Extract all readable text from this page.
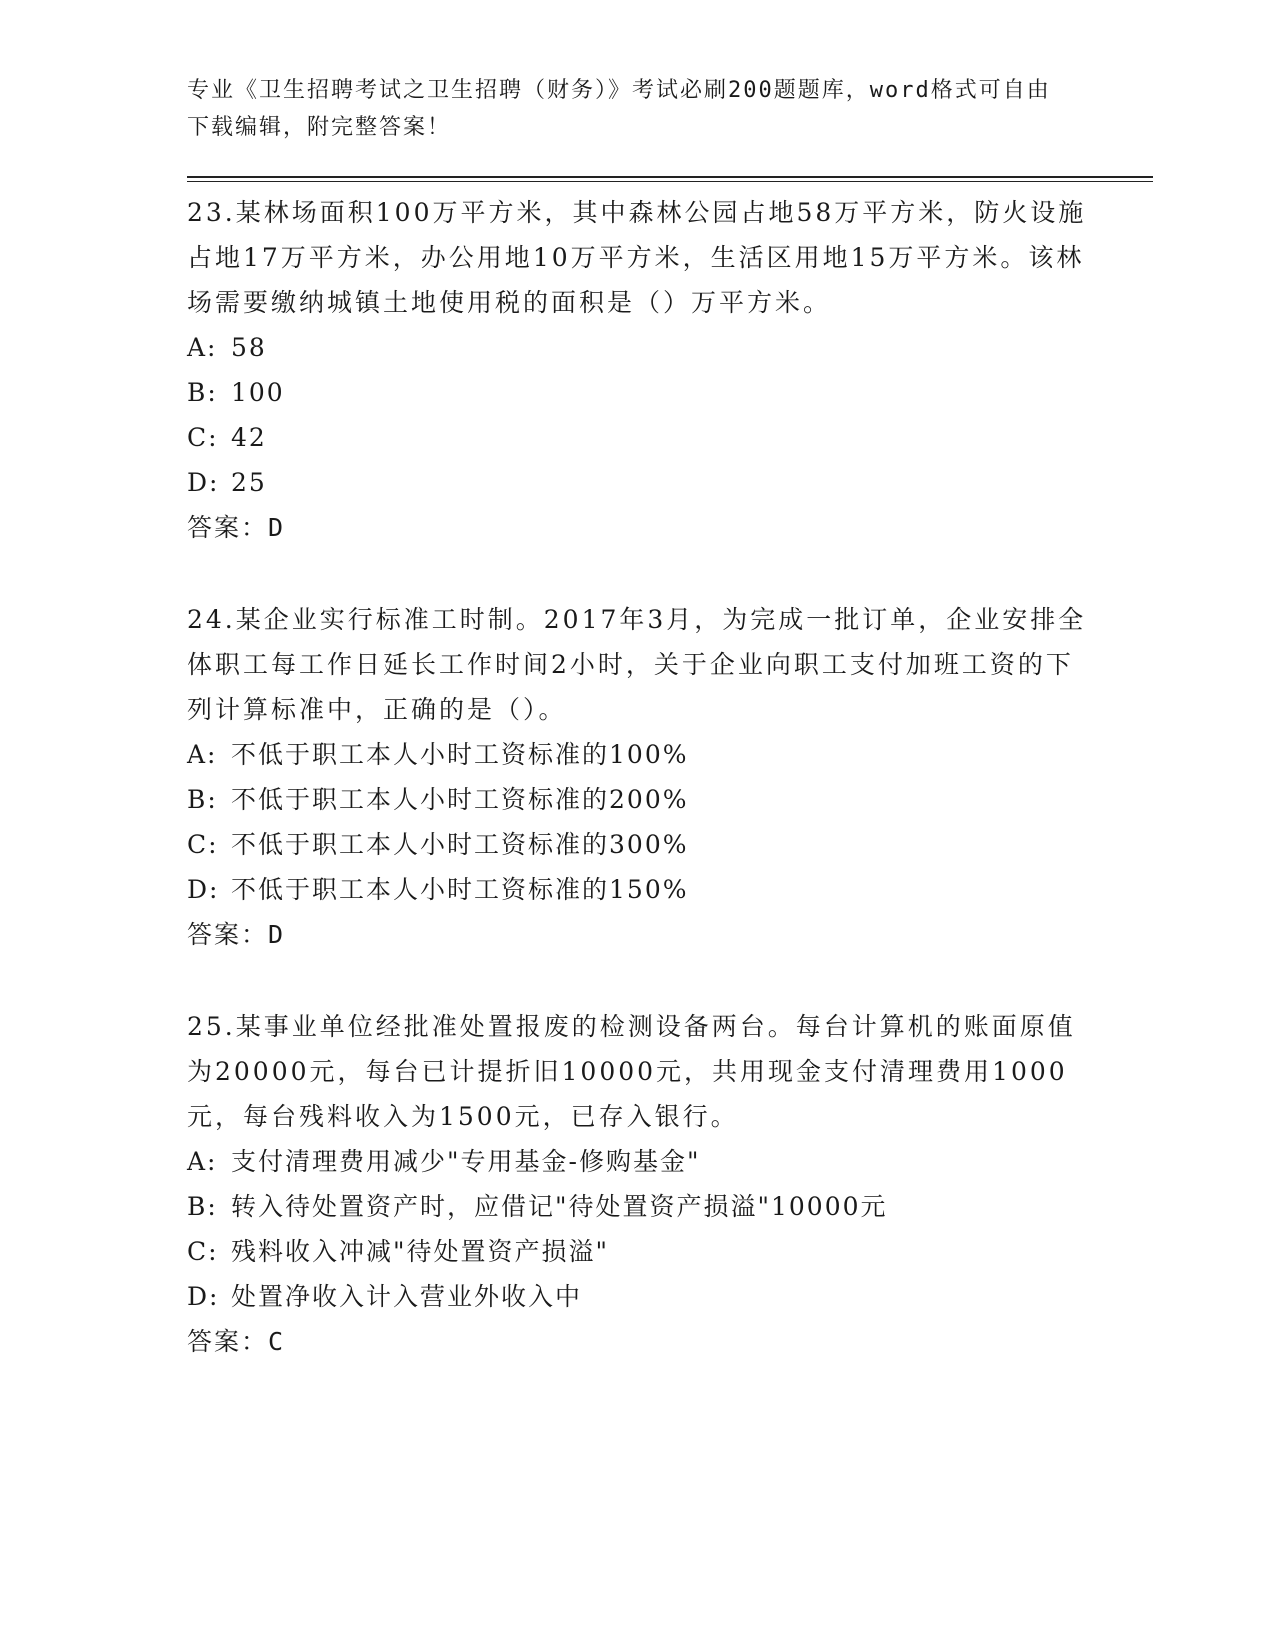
专业《卫生招聘考试之卫生招聘（财务）》考试必刷200题题库，word格式可自由下载编辑，附完整答案！

23.某林场面积100万平方米，其中森林公园占地58万平方米，防火设施占地17万平方米，办公用地10万平方米，生活区用地15万平方米。该林场需要缴纳城镇土地使用税的面积是（）万平方米。

A: 58
B: 100
C: 42
D: 25

答案：D

24.某企业实行标准工时制。2017年3月，为完成一批订单，企业安排全体职工每工作日延长工作时间2小时，关于企业向职工支付加班工资的下列计算标准中，正确的是（）。

A: 不低于职工本人小时工资标准的100%
B: 不低于职工本人小时工资标准的200%
C: 不低于职工本人小时工资标准的300%
D: 不低于职工本人小时工资标准的150%

答案：D

25.某事业单位经批准处置报废的检测设备两台。每台计算机的账面原值为20000元，每台已计提折旧10000元，共用现金支付清理费用1000元，每台残料收入为1500元，已存入银行。

A: 支付清理费用减少"专用基金-修购基金"
B: 转入待处置资产时，应借记"待处置资产损溢"10000元
C: 残料收入冲减"待处置资产损溢"
D: 处置净收入计入营业外收入中

答案：C
